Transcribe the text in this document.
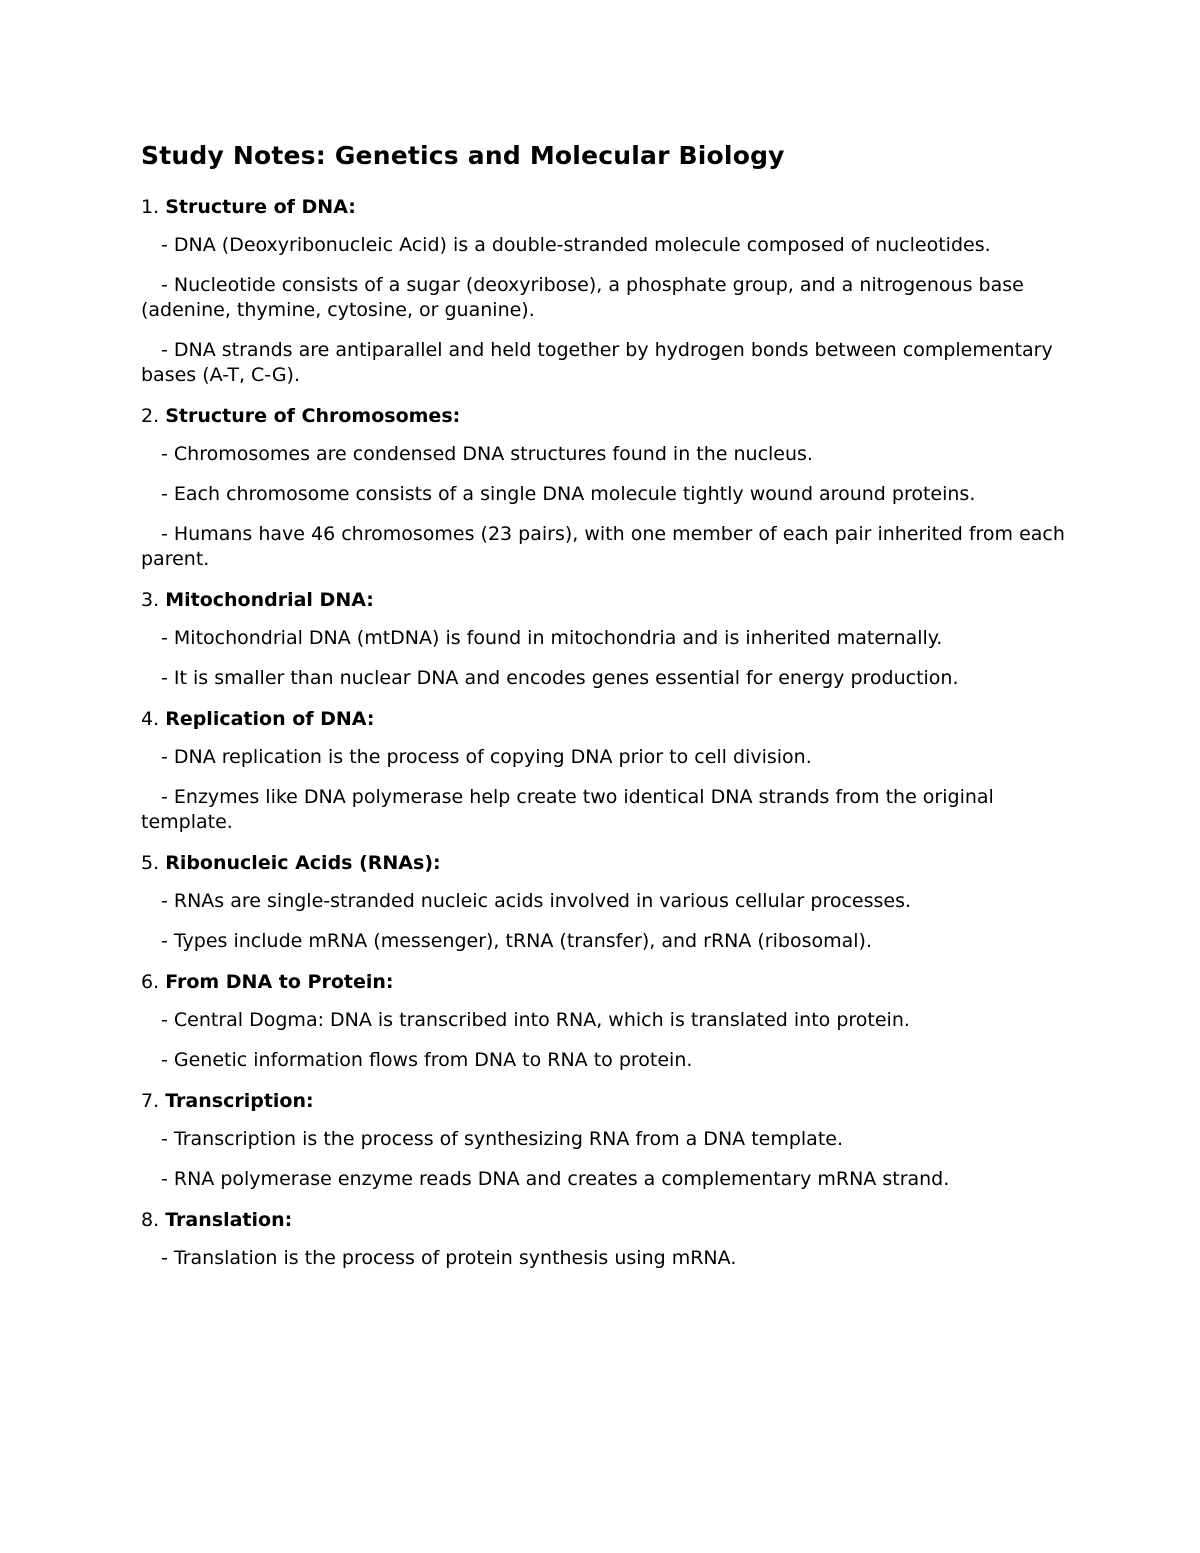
Study Notes: Genetics and Molecular Biology
1. Structure of DNA:
- DNA (Deoxyribonucleic Acid) is a double-stranded molecule composed of nucleotides.
- Nucleotide consists of a sugar (deoxyribose), a phosphate group, and a nitrogenous base (adenine, thymine, cytosine, or guanine).
- DNA strands are antiparallel and held together by hydrogen bonds between complementary bases (A-T, C-G).
2. Structure of Chromosomes:
- Chromosomes are condensed DNA structures found in the nucleus.
- Each chromosome consists of a single DNA molecule tightly wound around proteins.
- Humans have 46 chromosomes (23 pairs), with one member of each pair inherited from each parent.
3. Mitochondrial DNA:
- Mitochondrial DNA (mtDNA) is found in mitochondria and is inherited maternally.
- It is smaller than nuclear DNA and encodes genes essential for energy production.
4. Replication of DNA:
- DNA replication is the process of copying DNA prior to cell division.
- Enzymes like DNA polymerase help create two identical DNA strands from the original template.
5. Ribonucleic Acids (RNAs):
- RNAs are single-stranded nucleic acids involved in various cellular processes.
- Types include mRNA (messenger), tRNA (transfer), and rRNA (ribosomal).
6. From DNA to Protein:
- Central Dogma: DNA is transcribed into RNA, which is translated into protein.
- Genetic information flows from DNA to RNA to protein.
7. Transcription:
- Transcription is the process of synthesizing RNA from a DNA template.
- RNA polymerase enzyme reads DNA and creates a complementary mRNA strand.
8. Translation:
- Translation is the process of protein synthesis using mRNA.
